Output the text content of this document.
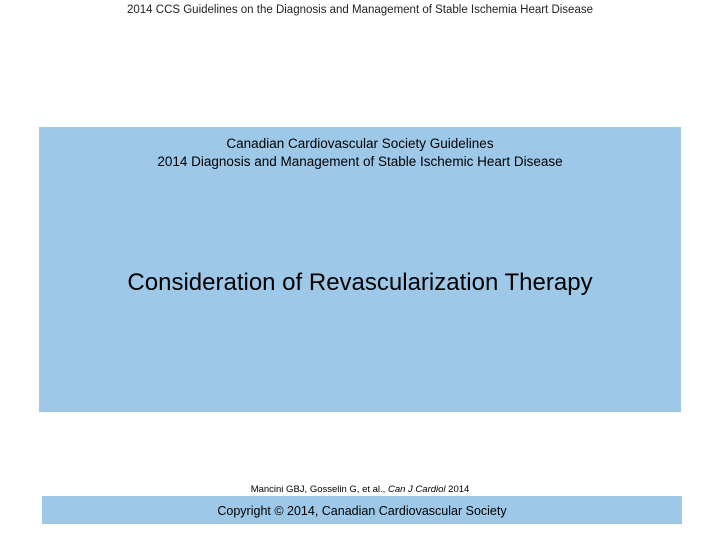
2014 CCS Guidelines on the Diagnosis and Management of Stable Ischemia Heart Disease
Canadian Cardiovascular Society Guidelines
2014 Diagnosis and Management of Stable Ischemic Heart Disease
Consideration of Revascularization Therapy
Mancini GBJ, Gosselin G, et al., Can J Cardiol 2014
Copyright © 2014, Canadian Cardiovascular Society
